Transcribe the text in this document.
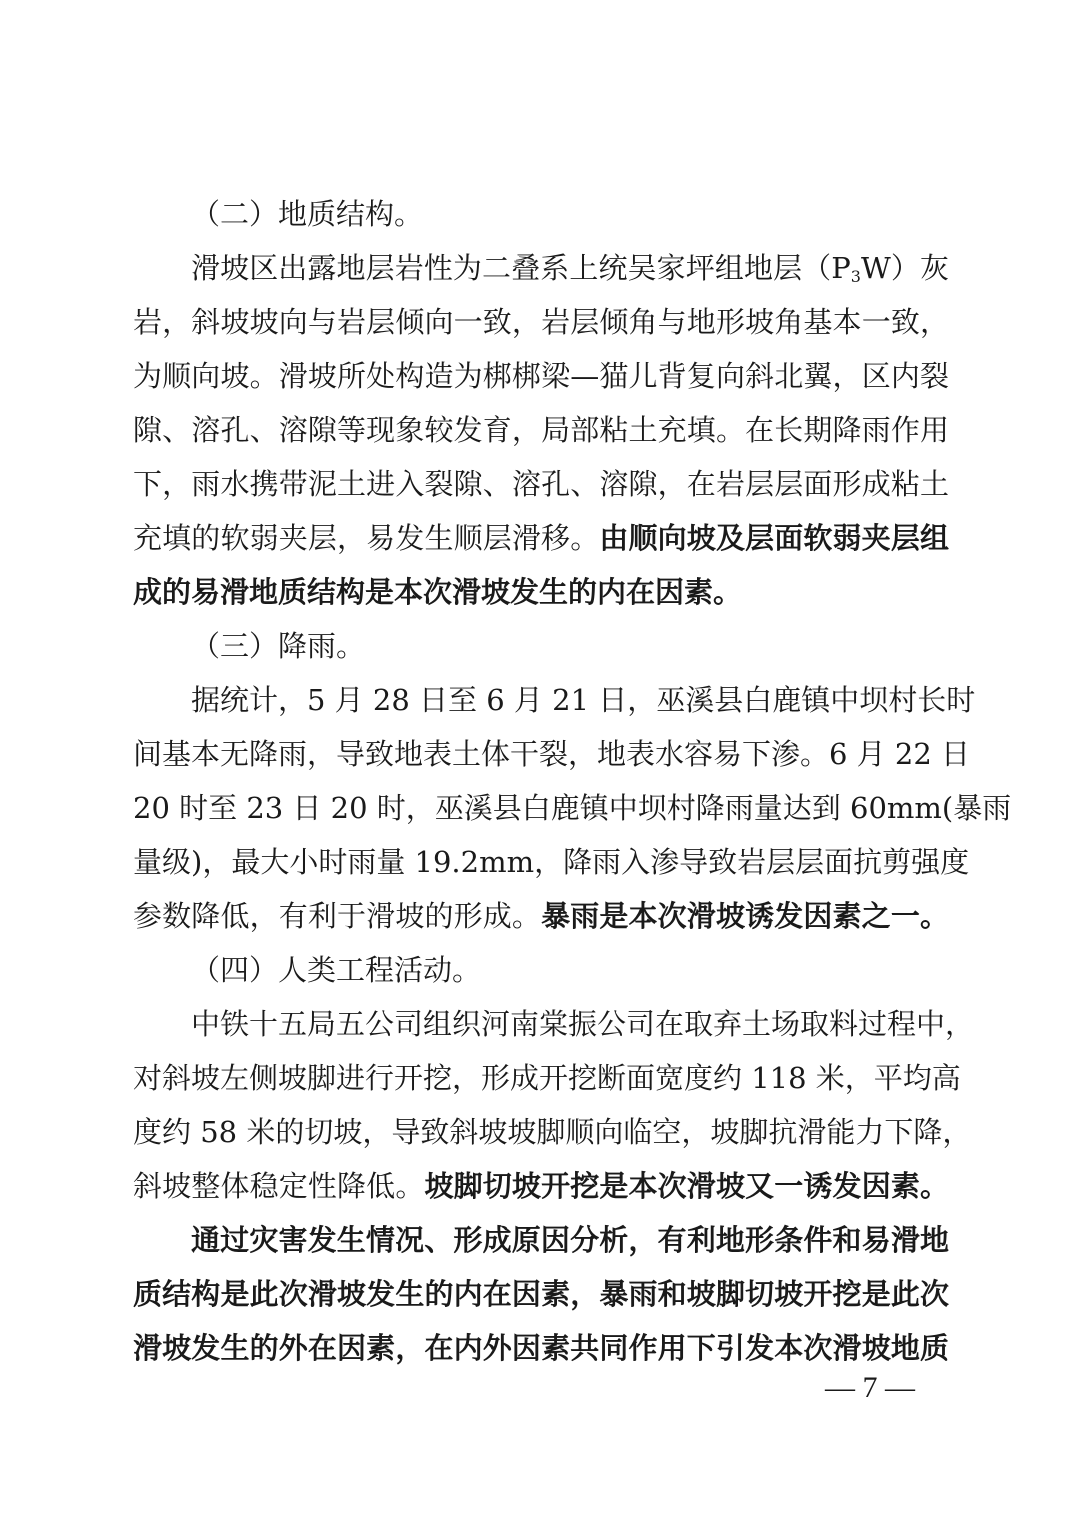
（二）地质结构。
滑坡区出露地层岩性为二叠系上统吴家坪组地层$(P_3W)$灰
岩，斜坡坡向与岩层倾向一致，岩层倾角与地形坡角基本一致，
为顺向坡。滑坡所处构造为梆梆梁—猫儿背复向斜北翼，区内裂
隙、溶孔、溶隙等现象较发育，局部粘土充填。在长期降雨作用
下，雨水携带泥土进入裂隙、溶孔、溶隙，在岩层层面形成粘土
充填的软弱夹层，易发生顺层滑移。由顺向坡及层面软弱夹层组
成的易滑地质结构是本次滑坡发生的内在因素。
（三）降雨。
据统计，5 月 28 日至 6 月 21 日，巫溪县白鹿镇中坝村长时
间基本无降雨，导致地表土体干裂，地表水容易下渗。6 月 22 日
20 时至 23 日 20 时，巫溪县白鹿镇中坝村降雨量达到 60mm(暴雨
量级)，最大小时雨量 19.2mm，降雨入渗导致岩层层面抗剪强度
参数降低，有利于滑坡的形成。暴雨是本次滑坡诱发因素之一。
（四）人类工程活动。
中铁十五局五公司组织河南棠振公司在取弃土场取料过程中，
对斜坡左侧坡脚进行开挖，形成开挖断面宽度约 118 米，平均高
度约 58 米的切坡，导致斜坡坡脚顺向临空，坡脚抗滑能力下降，
斜坡整体稳定性降低。坡脚切坡开挖是本次滑坡又一诱发因素。
通过灾害发生情况、形成原因分析，有利地形条件和易滑地
质结构是此次滑坡发生的内在因素，暴雨和坡脚切坡开挖是此次
滑坡发生的外在因素，在内外因素共同作用下引发本次滑坡地质
— 7 —
